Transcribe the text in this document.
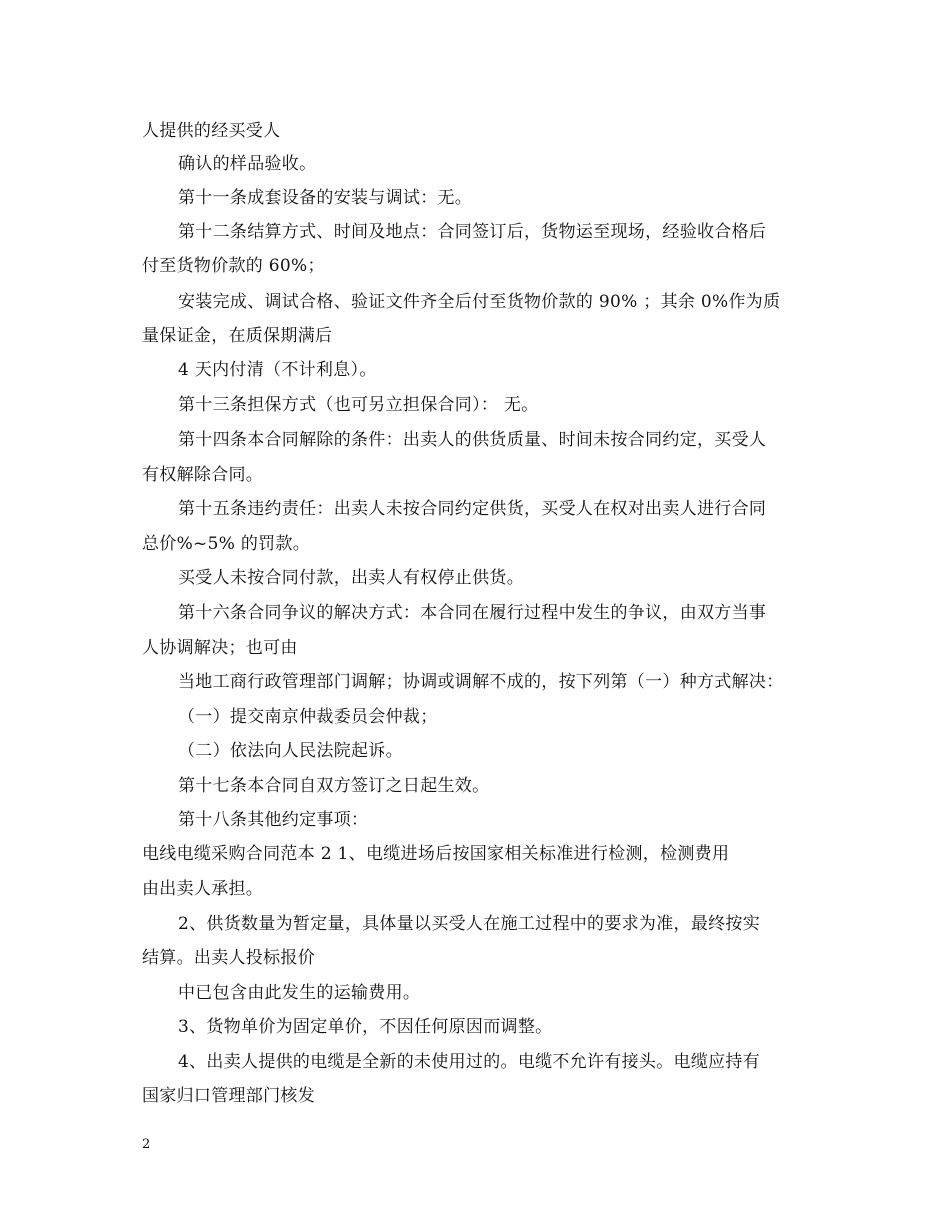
人提供的经买受人
确认的样品验收。
第十一条成套设备的安装与调试：无。
第十二条结算方式、时间及地点：合同签订后，货物运至现场，经验收合格后
付至货物价款的 60%；
安装完成、调试合格、验证文件齐全后付至货物价款的 90% ；其余 0%作为质
量保证金，在质保期满后
4 天内付清（不计利息）。
第十三条担保方式（也可另立担保合同）： 无。
第十四条本合同解除的条件：出卖人的供货质量、时间未按合同约定，买受人
有权解除合同。
第十五条违约责任：出卖人未按合同约定供货，买受人在权对出卖人进行合同
总价%~5% 的罚款。
买受人未按合同付款，出卖人有权停止供货。
第十六条合同争议的解决方式：本合同在履行过程中发生的争议，由双方当事
人协调解决；也可由
当地工商行政管理部门调解；协调或调解不成的，按下列第（一）种方式解决：
（一）提交南京仲裁委员会仲裁；
（二）依法向人民法院起诉。
第十七条本合同自双方签订之日起生效。
第十八条其他约定事项：
电线电缆采购合同范本 2 1、电缆进场后按国家相关标准进行检测，检测费用
由出卖人承担。
2、供货数量为暂定量，具体量以买受人在施工过程中的要求为准，最终按实
结算。出卖人投标报价
中已包含由此发生的运输费用。
3、货物单价为固定单价，不因任何原因而调整。
4、出卖人提供的电缆是全新的未使用过的。电缆不允许有接头。电缆应持有
国家归口管理部门核发
2
